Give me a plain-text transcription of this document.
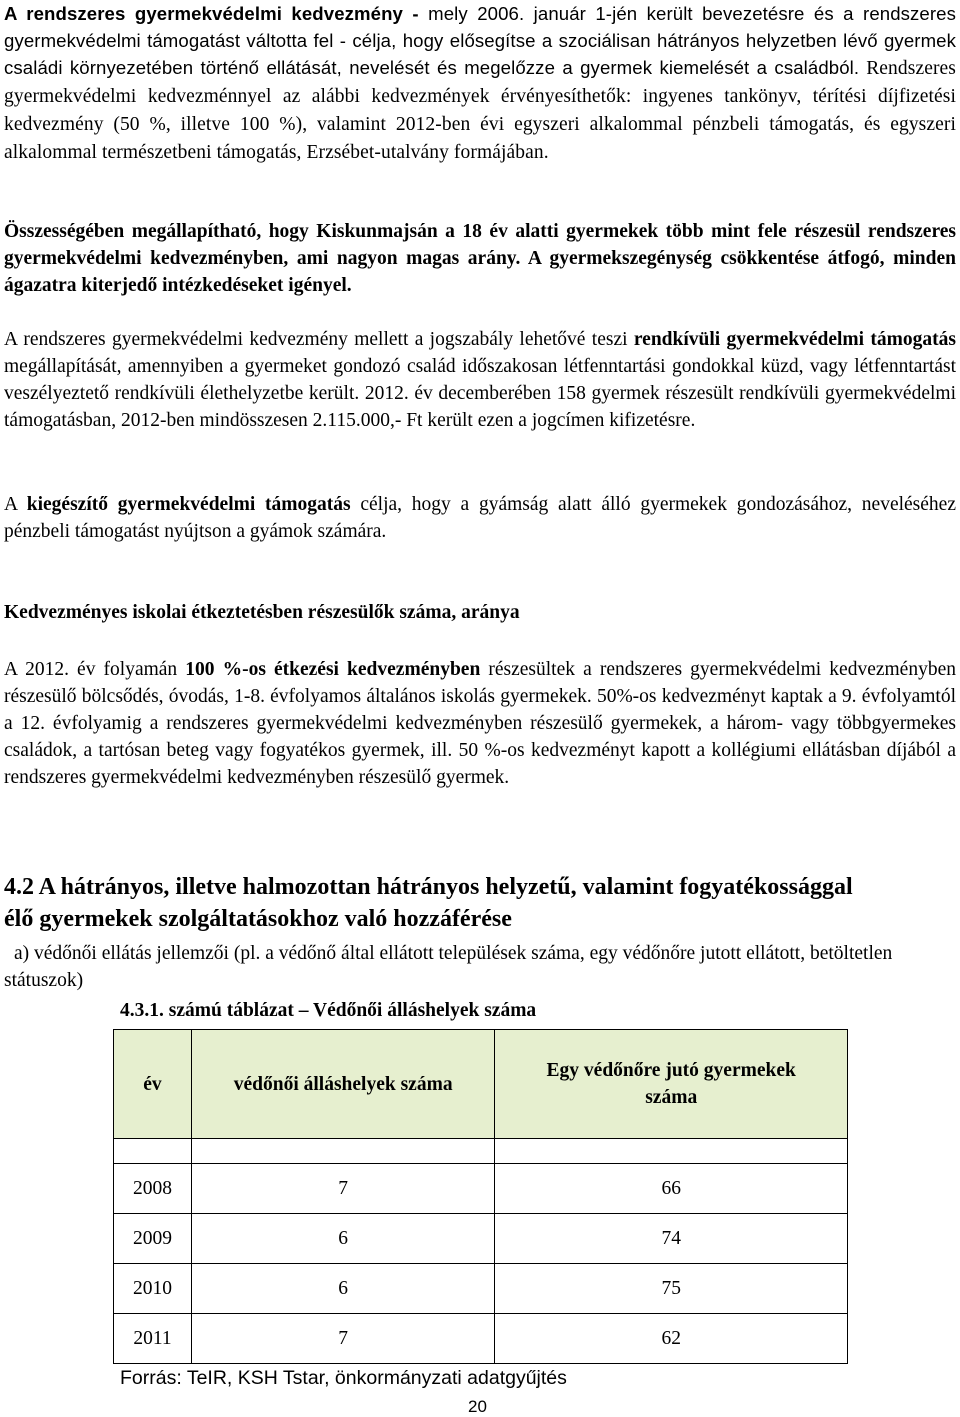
A rendszeres gyermekvédelmi kedvezmény - mely 2006. január 1-jén került bevezetésre és a rendszeres gyermekvédelmi támogatást váltotta fel - célja, hogy elősegítse a szociálisan hátrányos helyzetben lévő gyermek családi környezetében történő ellátását, nevelését és megelőzze a gyermek kiemelését a családból. Rendszeres gyermekvédelmi kedvezménnyel az alábbi kedvezmények érvényesíthetők: ingyenes tankönyv, térítési díjfizetési kedvezmény (50 %, illetve 100 %), valamint 2012-ben évi egyszeri alkalommal pénzbeli támogatás, és egyszeri alkalommal természetbeni támogatás, Erzsébet-utalvány formájában.

Összességében megállapítható, hogy Kiskunmajsán a 18 év alatti gyermekek több mint fele részesül rendszeres gyermekvédelmi kedvezményben, ami nagyon magas arány. A gyermekszegénység csökkentése átfogó, minden ágazatra kiterjedő intézkedéseket igényel.

A rendszeres gyermekvédelmi kedvezmény mellett a jogszabály lehetővé teszi rendkívüli gyermekvédelmi támogatás megállapítását, amennyiben a gyermeket gondozó család időszakosan létfenntartási gondokkal küzd, vagy létfenntartást veszélyeztető rendkívüli élethelyzetbe került. 2012. év decemberében 158 gyermek részesült rendkívüli gyermekvédelmi támogatásban, 2012-ben mindösszesen 2.115.000,- Ft került ezen a jogcímen kifizetésre.

A kiegészítő gyermekvédelmi támogatás célja, hogy a gyámság alatt álló gyermekek gondozásához, neveléséhez pénzbeli támogatást nyújtson a gyámok számára.

Kedvezményes iskolai étkeztetésben részesülők száma, aránya

A 2012. év folyamán 100 %-os étkezési kedvezményben részesültek a rendszeres gyermekvédelmi kedvezményben részesülő bölcsődés, óvodás, 1-8. évfolyamos általános iskolás gyermekek. 50%-os kedvezményt kaptak a 9. évfolyamtól a 12. évfolyamig a rendszeres gyermekvédelmi kedvezményben részesülő gyermekek, a három- vagy többgyermekes családok, a tartósan beteg vagy fogyatékos gyermek, ill. 50 %-os kedvezményt kapott a kollégiumi ellátásban díjából a rendszeres gyermekvédelmi kedvezményben részesülő gyermek.

4.2 A hátrányos, illetve halmozottan hátrányos helyzetű, valamint fogyatékossággal élő gyermekek szolgáltatásokhoz való hozzáférése

a) védőnői ellátás jellemzői (pl. a védőnő által ellátott települések száma, egy védőnőre jutott ellátott, betöltetlen státuszok)

4.3.1. számú táblázat – Védőnői álláshelyek száma

év	védőnői álláshelyek száma	Egy védőnőre jutó gyermekek száma

2008	7	66
2009	6	74
2010	6	75
2011	7	62

Forrás: TeIR, KSH Tstar, önkormányzati adatgyűjtés

20
